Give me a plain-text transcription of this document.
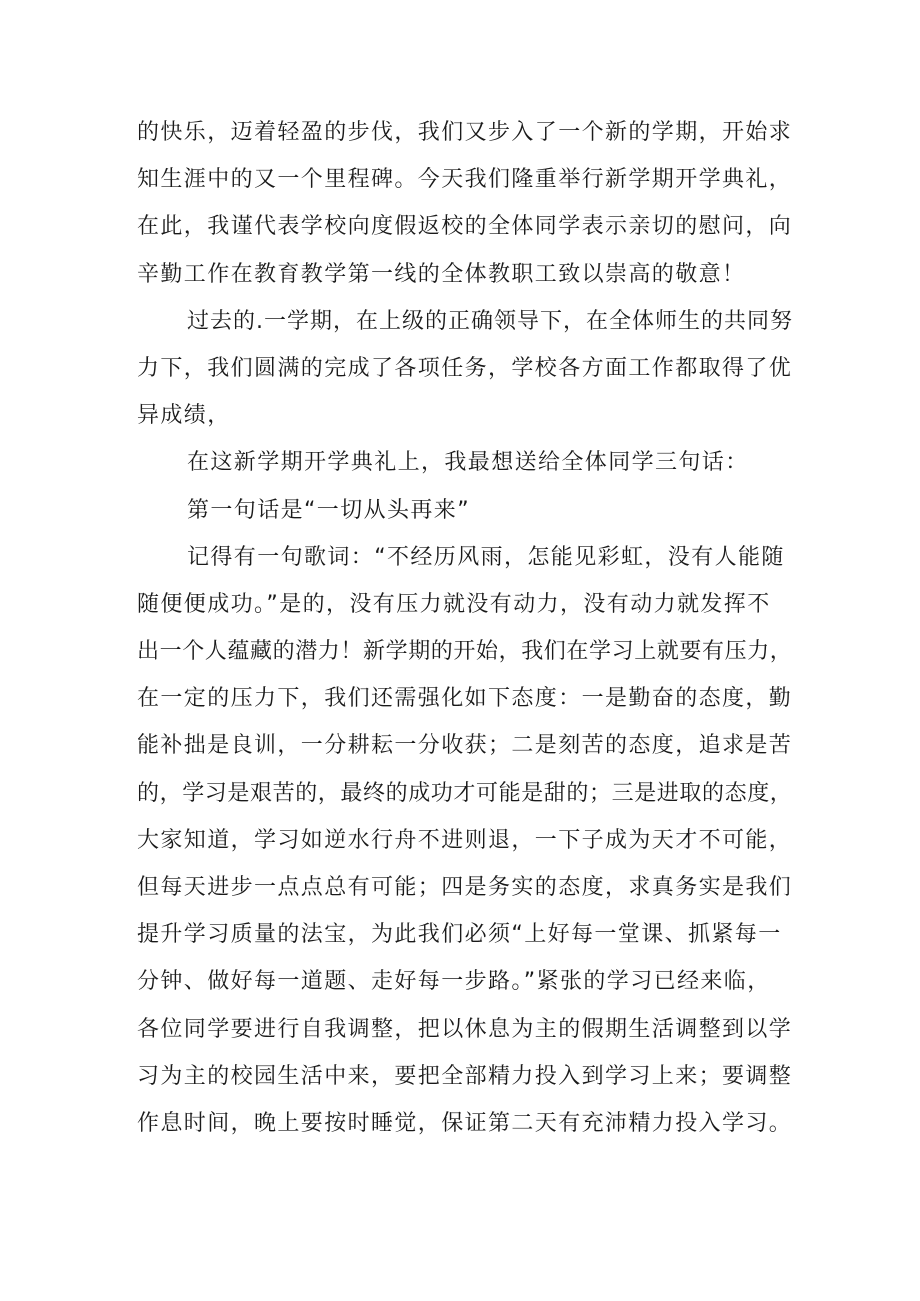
的快乐，迈着轻盈的步伐，我们又步入了一个新的学期，开始求
知生涯中的又一个里程碑。今天我们隆重举行新学期开学典礼，
在此，我谨代表学校向度假返校的全体同学表示亲切的慰问，向
辛勤工作在教育教学第一线的全体教职工致以崇高的敬意！
过去的.一学期，在上级的正确领导下，在全体师生的共同努
力下，我们圆满的完成了各项任务，学校各方面工作都取得了优
异成绩，
在这新学期开学典礼上，我最想送给全体同学三句话：
第一句话是“一切从头再来”
记得有一句歌词：“不经历风雨，怎能见彩虹，没有人能随
随便便成功。”是的，没有压力就没有动力，没有动力就发挥不
出一个人蕴藏的潜力！新学期的开始，我们在学习上就要有压力，
在一定的压力下，我们还需强化如下态度：一是勤奋的态度，勤
能补拙是良训，一分耕耘一分收获；二是刻苦的态度，追求是苦
的，学习是艰苦的，最终的成功才可能是甜的；三是进取的态度，
大家知道，学习如逆水行舟不进则退，一下子成为天才不可能，
但每天进步一点点总有可能；四是务实的态度，求真务实是我们
提升学习质量的法宝，为此我们必须“上好每一堂课、抓紧每一
分钟、做好每一道题、走好每一步路。”紧张的学习已经来临，
各位同学要进行自我调整，把以休息为主的假期生活调整到以学
习为主的校园生活中来，要把全部精力投入到学习上来；要调整
作息时间，晚上要按时睡觉，保证第二天有充沛精力投入学习。
